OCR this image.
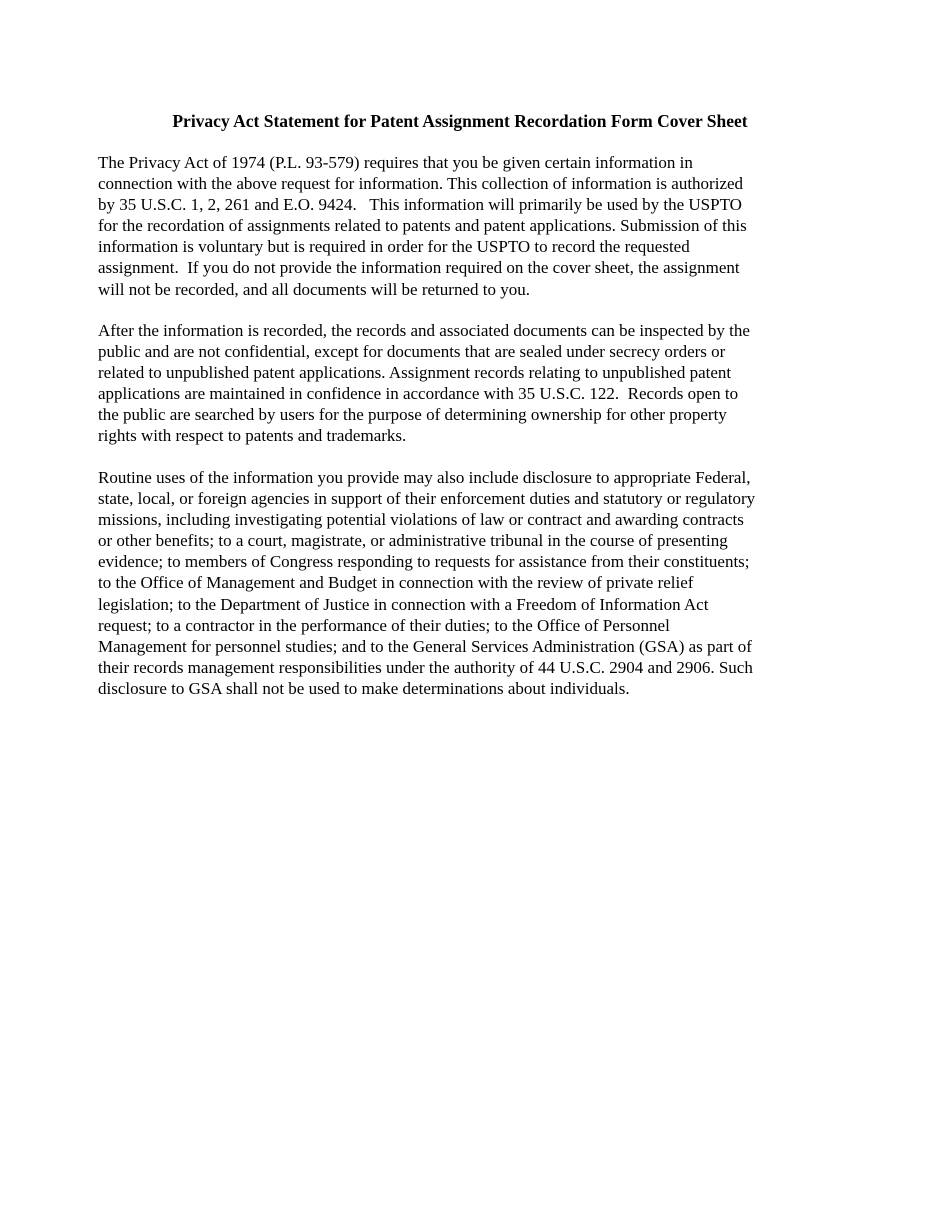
Privacy Act Statement for Patent Assignment Recordation Form Cover Sheet
The Privacy Act of 1974 (P.L. 93-579) requires that you be given certain information in
connection with the above request for information. This collection of information is authorized
by 35 U.S.C. 1, 2, 261 and E.O. 9424.   This information will primarily be used by the USPTO
for the recordation of assignments related to patents and patent applications. Submission of this
information is voluntary but is required in order for the USPTO to record the requested
assignment.  If you do not provide the information required on the cover sheet, the assignment
will not be recorded, and all documents will be returned to you.
After the information is recorded, the records and associated documents can be inspected by the
public and are not confidential, except for documents that are sealed under secrecy orders or
related to unpublished patent applications. Assignment records relating to unpublished patent
applications are maintained in confidence in accordance with 35 U.S.C. 122.  Records open to
the public are searched by users for the purpose of determining ownership for other property
rights with respect to patents and trademarks.
Routine uses of the information you provide may also include disclosure to appropriate Federal,
state, local, or foreign agencies in support of their enforcement duties and statutory or regulatory
missions, including investigating potential violations of law or contract and awarding contracts
or other benefits; to a court, magistrate, or administrative tribunal in the course of presenting
evidence; to members of Congress responding to requests for assistance from their constituents;
to the Office of Management and Budget in connection with the review of private relief
legislation; to the Department of Justice in connection with a Freedom of Information Act
request; to a contractor in the performance of their duties; to the Office of Personnel
Management for personnel studies; and to the General Services Administration (GSA) as part of
their records management responsibilities under the authority of 44 U.S.C. 2904 and 2906. Such
disclosure to GSA shall not be used to make determinations about individuals.
